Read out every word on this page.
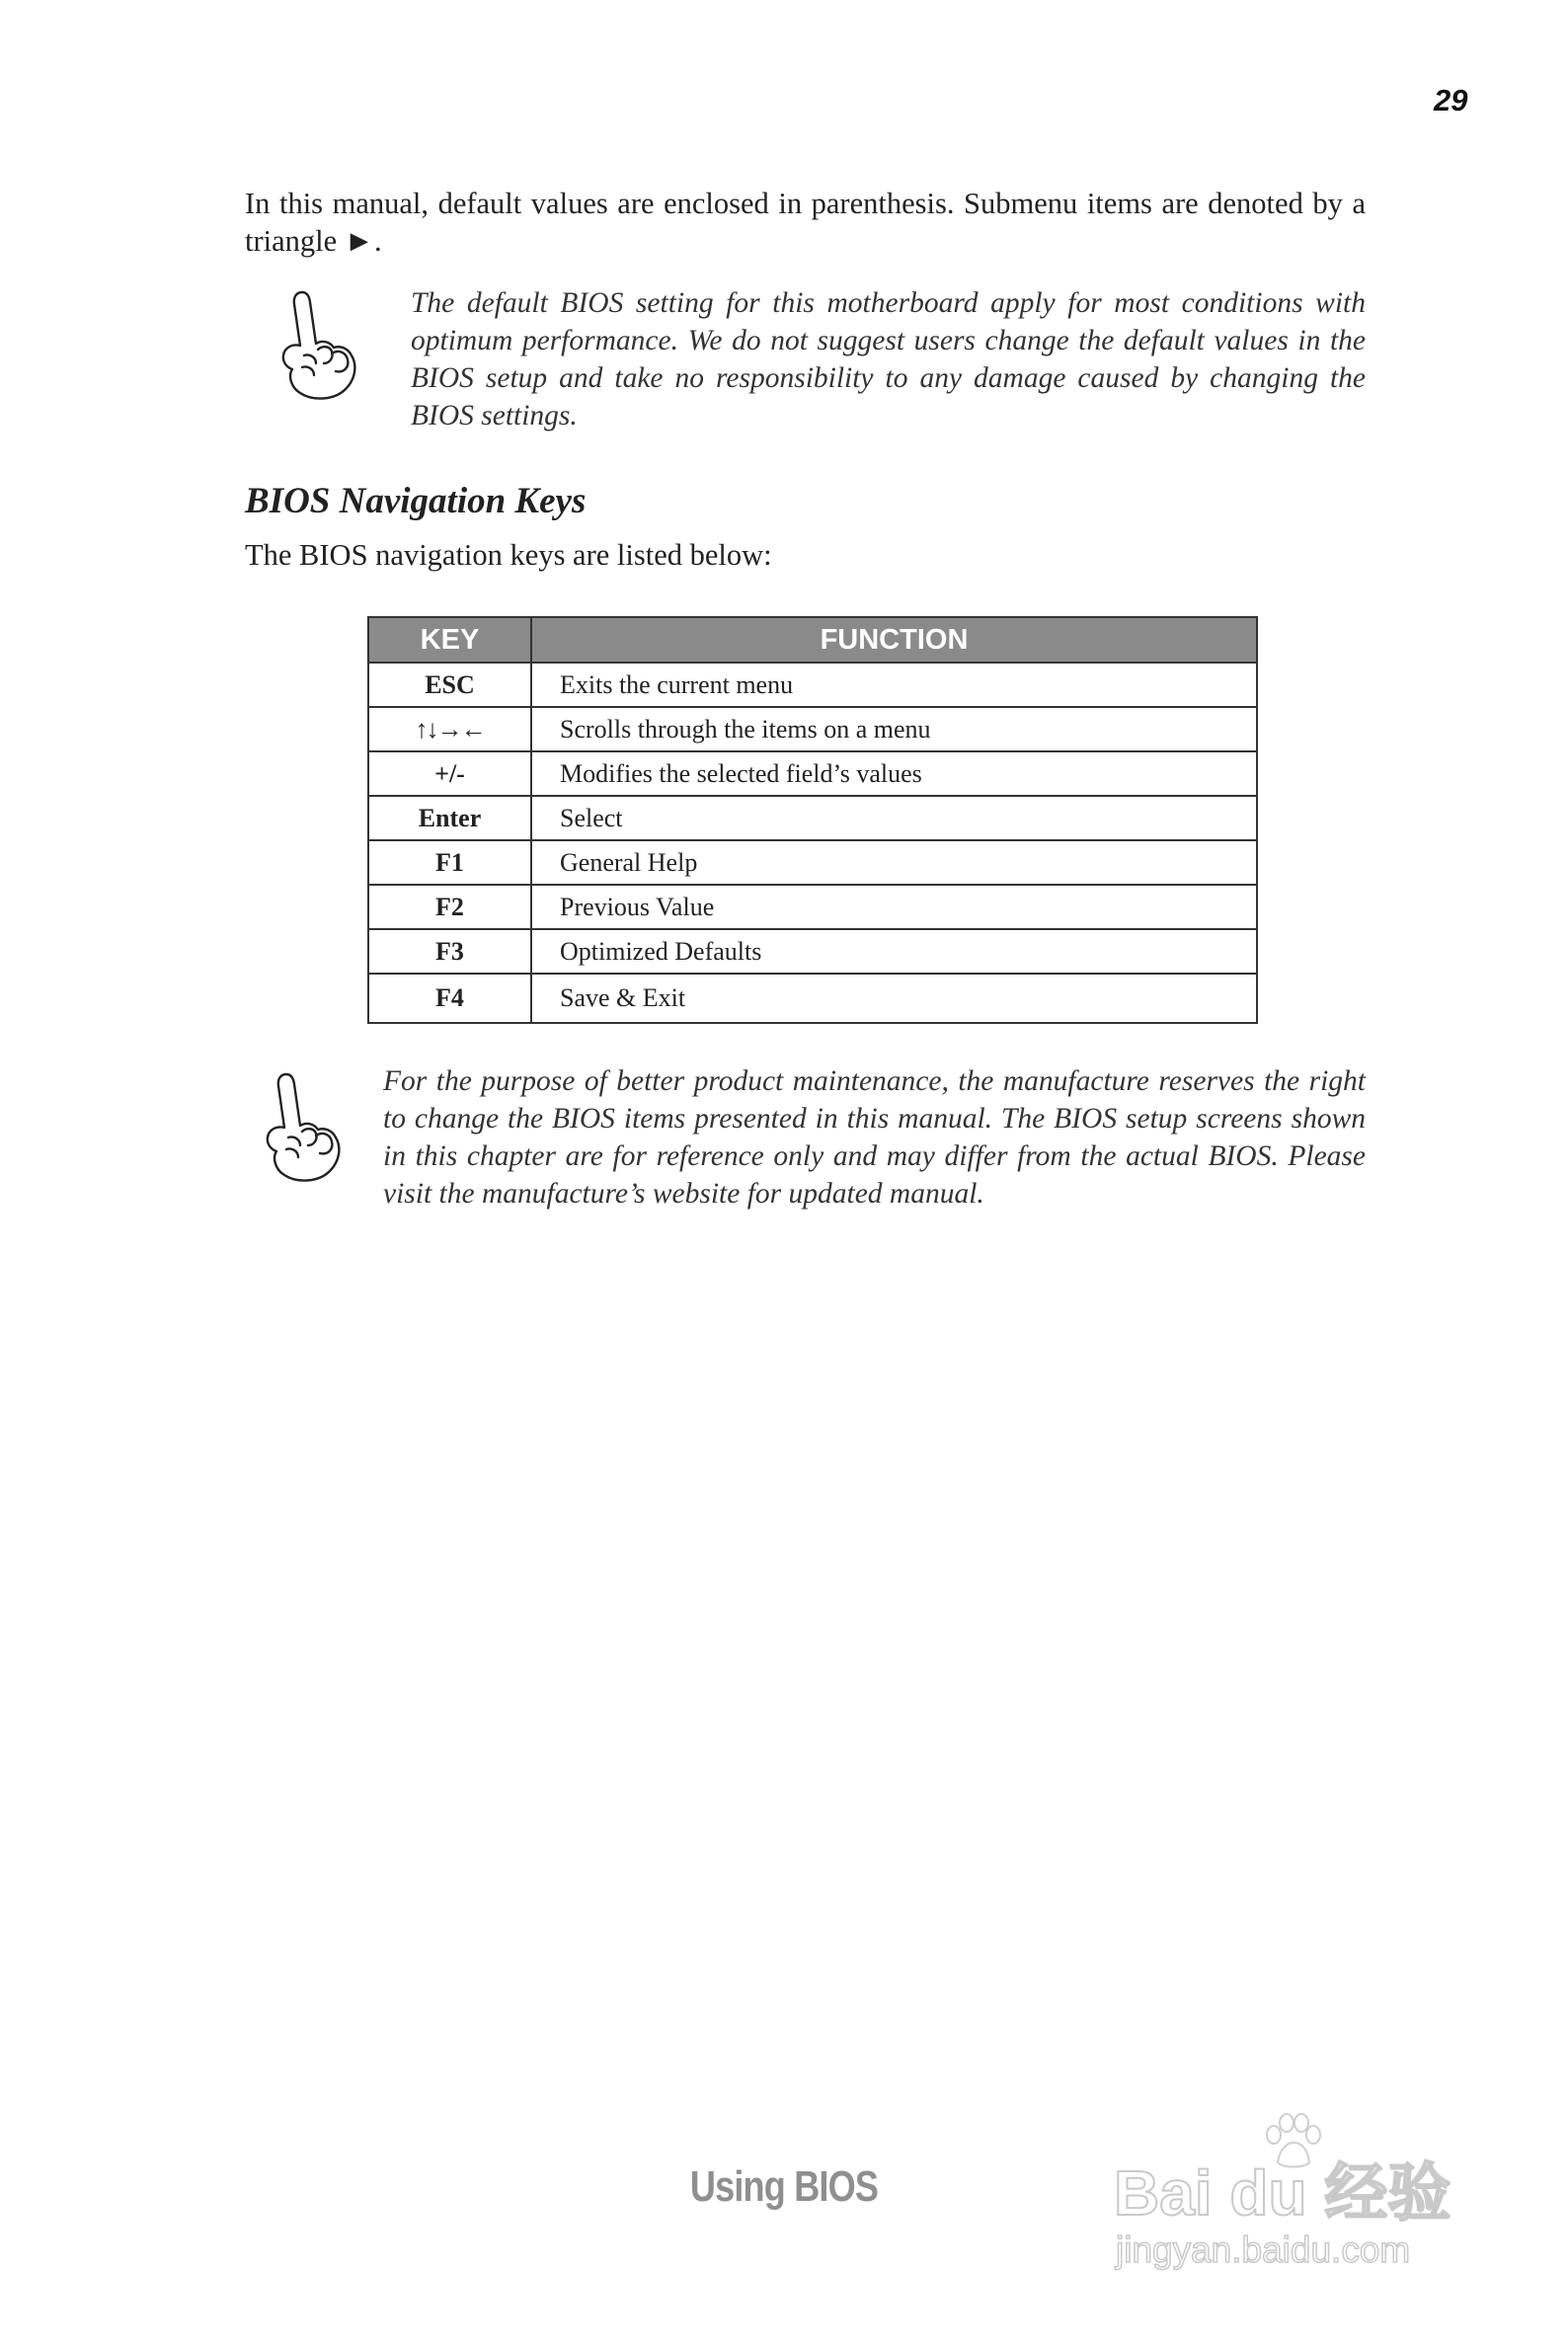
29

In this manual, default values are enclosed in parenthesis. Submenu items are denoted by a triangle ►.

The default BIOS setting for this motherboard apply for most conditions with optimum performance. We do not suggest users change the default values in the BIOS setup and take no responsibility to any damage caused by changing the BIOS settings.

BIOS Navigation Keys
The BIOS navigation keys are listed below:
KEY	FUNCTION
ESC	Exits the current menu
↑↓→←	Scrolls through the items on a menu
+/-	Modifies the selected field’s values
Enter	Select
F1	General Help
F2	Previous Value
F3	Optimized Defaults
F4	Save & Exit

For the purpose of better product maintenance, the manufacture reserves the right to change the BIOS items presented in this manual. The BIOS setup screens shown in this chapter are for reference only and may differ from the actual BIOS. Please visit the manufacture’s website for updated manual.

Using BIOS	Bai du 经验
jingyan.baidu.com
